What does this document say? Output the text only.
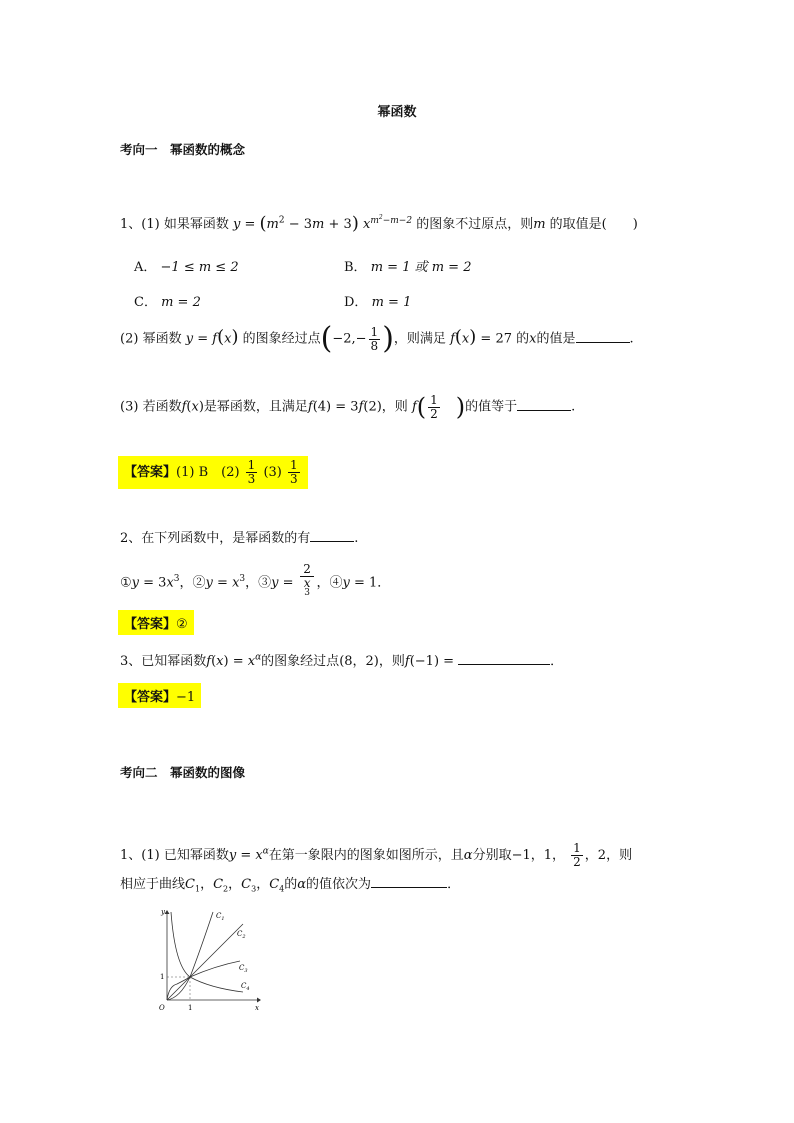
幂函数
考向一　幂函数的概念
1、(1) 如果幂函数 $y = (m^2 - 3m + 3)$ $x^{m^2-m-2}$ 的图象不过原点，则m 的取值是(　　)
A． −1 ≤ m ≤ 2	B． m = 1 或 m = 2
C． m = 2	D． m = 1
(2) 幂函数 y = f(x) 的图象经过点($-2,- \frac{1}{8}$ )，则满足 f(x) = 27 的x的值是	.
(3) 若函数f(x)是幂函数，且满足f(4) = 3f(2)，则 $f( \frac{1}{2}$ )的值等于	.
【答案】(1) B　$(2) \frac{1}{3} (3) \frac{1}{3}$
2、在下列函数中，是幂函数的有	.
①y = $3x^3$，②y = $x^3$，③y = 2
x
$^3$ ，④y = 1．
【答案】②
3、已知幂函数$f(x) = x^\alpha$的图象经过点(8，2)，则f(−1) =	．
【答案】−1
考向二　幂函数的图像
1、(1) 已知幂函数$y = x^\alpha$在第一象限内的图象如图所示，且α分别取−1，1， $\frac{1}{2}$ ，2，则
相应于曲线$C_1$，$C_2$，$C_3$，$C_4$的α的值依次为	．
$C_1$
$C_2$
$C_3$
$C_4$
y
x
O	1
1
